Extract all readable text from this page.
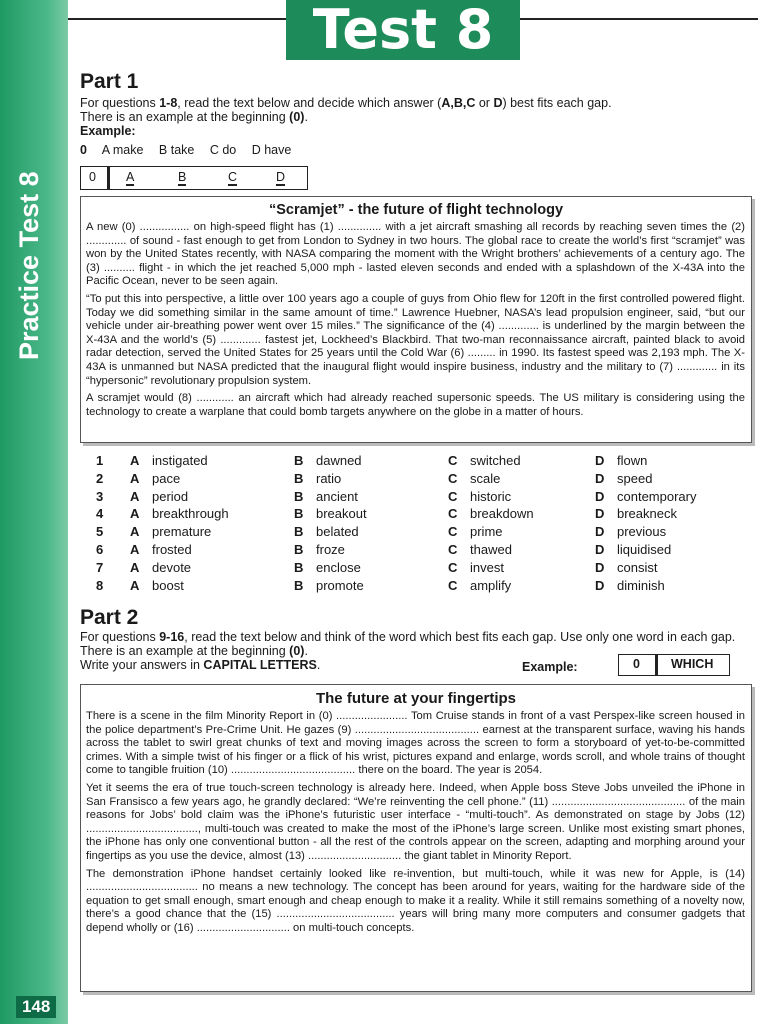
Practice Test 8
148
Test 8
Part 1
For questions 1-8, read the text below and decide which answer (A,B,C or D) best fits each gap.
There is an example at the beginning (0).
Example:
0 A make B take C do D have
0 A	B	C	D
“Scramjet” - the future of flight technology

A new (0) ................ on high-speed flight has (1) .............. with a jet aircraft smashing all records by reaching seven times the (2) ............. of sound - fast enough to get from London to Sydney in two hours. The global race to create the world’s first “scramjet” was won by the United States recently, with NASA comparing the moment with the Wright brothers’ achievements of a century ago. The (3) .......... flight - in which the jet reached 5,000 mph - lasted eleven seconds and ended with a splashdown of the X-43A into the Pacific Ocean, never to be seen again.

“To put this into perspective, a little over 100 years ago a couple of guys from Ohio flew for 120ft in the first controlled powered flight. Today we did something similar in the same amount of time.” Lawrence Huebner, NASA’s lead propulsion engineer, said, “but our vehicle under air-breathing power went over 15 miles.” The significance of the (4) ............. is underlined by the margin between the X-43A and the world’s (5) ............. fastest jet, Lockheed’s Blackbird. That two-man reconnaissance aircraft, painted black to avoid radar detection, served the United States for 25 years until the Cold War (6) ......... in 1990. Its fastest speed was 2,193 mph. The X-43A is unmanned but NASA predicted that the inaugural flight would inspire business, industry and the military to (7) ............. in its “hypersonic” revolutionary propulsion system.

A scramjet would (8) ............ an aircraft which had already reached supersonic speeds. The US military is considering using the technology to create a warplane that could bomb targets anywhere on the globe in a matter of hours.

1	A instigated	B dawned	C switched	D flown
2	A pace	B ratio	C scale	D speed
3	A period	B ancient	C historic	D contemporary
4	A breakthrough	B breakout	C breakdown	D breakneck
5	A premature	B belated	C prime	D previous
6	A frosted	B froze	C thawed	D liquidised
7	A devote	B enclose	C invest	D consist
8	A boost	B promote	C amplify	D diminish
Part 2
For questions 9-16, read the text below and think of the word which best fits each gap. Use only one word in each gap. There is an example at the beginning (0).
Write your answers in CAPITAL LETTERS.	Example:	0 WHICH
The future at your fingertips

There is a scene in the film Minority Report in (0) ....................... Tom Cruise stands in front of a vast Perspex-like screen housed in the police department’s Pre-Crime Unit. He gazes (9) ........................................ earnest at the transparent surface, waving his hands across the tablet to swirl great chunks of text and moving images across the screen to form a storyboard of yet-to-be-committed crimes. With a simple twist of his finger or a flick of his wrist, pictures expand and enlarge, words scroll, and whole trains of thought come to tangible fruition (10) ........................................ there on the board. The year is 2054.

Yet it seems the era of true touch-screen technology is already here. Indeed, when Apple boss Steve Jobs unveiled the iPhone in San Fransisco a few years ago, he grandly declared: “We’re reinventing the cell phone.” (11) ........................................... of the main reasons for Jobs’ bold claim was the iPhone’s futuristic user interface - “multi-touch”. As demonstrated on stage by Jobs (12) ...................................., multi-touch was created to make the most of the iPhone’s large screen. Unlike most existing smart phones, the iPhone has only one conventional button - all the rest of the controls appear on the screen, adapting and morphing around your fingertips as you use the device, almost (13) .............................. the giant tablet in Minority Report.

The demonstration iPhone handset certainly looked like re-invention, but multi-touch, while it was new for Apple, is (14) .................................... no means a new technology. The concept has been around for years, waiting for the hardware side of the equation to get small enough, smart enough and cheap enough to make it a reality. While it still remains something of a novelty now, there’s a good chance that the (15) ...................................... years will bring many more computers and consumer gadgets that depend wholly or (16) .............................. on multi-touch concepts.
